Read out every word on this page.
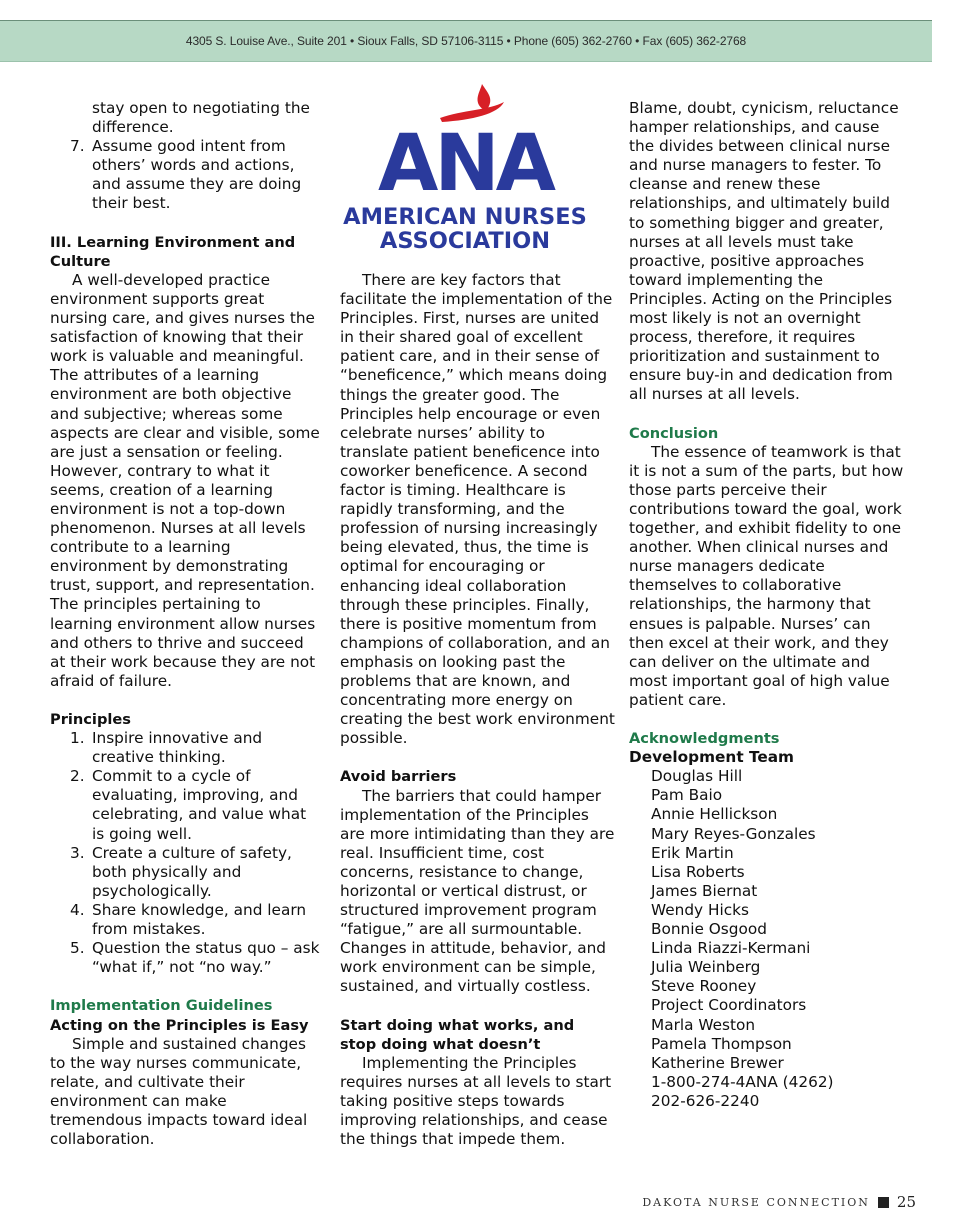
4305 S. Louise Ave., Suite 201 • Sioux Falls, SD 57106-3115 • Phone (605) 362-2760 • Fax (605) 362-2768
stay open to negotiating the difference.
7. Assume good intent from others’ words and actions, and assume they are doing their best.

III. Learning Environment and Culture

A well-developed practice environment supports great nursing care, and gives nurses the satisfaction of knowing that their work is valuable and meaningful. The attributes of a learning environment are both objective and subjective; whereas some aspects are clear and visible, some are just a sensation or feeling. However, contrary to what it seems, creation of a learning environment is not a top-down phenomenon. Nurses at all levels contribute to a learning environment by demonstrating trust, support, and representation. The principles pertaining to learning environment allow nurses and others to thrive and succeed at their work because they are not afraid of failure.

Principles

1. Inspire innovative and creative thinking.
2. Commit to a cycle of evaluating, improving, and celebrating, and value what is going well.
3. Create a culture of safety, both physically and psychologically.
4. Share knowledge, and learn from mistakes.
5. Question the status quo – ask “what if,” not “no way.”

Implementation Guidelines

Acting on the Principles is Easy

Simple and sustained changes to the way nurses communicate, relate, and cultivate their environment can make tremendous impacts toward ideal collaboration.

ANA
AMERICAN NURSES
ASSOCIATION

There are key factors that facilitate the implementation of the Principles. First, nurses are united in their shared goal of excellent patient care, and in their sense of “beneficence,” which means doing things the greater good. The Principles help encourage or even celebrate nurses’ ability to translate patient beneficence into coworker beneficence. A second factor is timing. Healthcare is rapidly transforming, and the profession of nursing increasingly being elevated, thus, the time is optimal for encouraging or enhancing ideal collaboration through these principles. Finally, there is positive momentum from champions of collaboration, and an emphasis on looking past the problems that are known, and concentrating more energy on creating the best work environment possible.

Avoid barriers

The barriers that could hamper implementation of the Principles are more intimidating than they are real. Insufficient time, cost concerns, resistance to change, horizontal or vertical distrust, or structured improvement program “fatigue,” are all surmountable. Changes in attitude, behavior, and work environment can be simple, sustained, and virtually costless.

Start doing what works, and stop doing what doesn’t

Implementing the Principles requires nurses at all levels to start taking positive steps towards improving relationships, and cease the things that impede them.

Blame, doubt, cynicism, reluctance hamper relationships, and cause the divides between clinical nurse and nurse managers to fester. To cleanse and renew these relationships, and ultimately build to something bigger and greater, nurses at all levels must take proactive, positive approaches toward implementing the Principles. Acting on the Principles most likely is not an overnight process, therefore, it requires prioritization and sustainment to ensure buy-in and dedication from all nurses at all levels.

Conclusion

The essence of teamwork is that it is not a sum of the parts, but how those parts perceive their contributions toward the goal, work together, and exhibit fidelity to one another. When clinical nurses and nurse managers dedicate themselves to collaborative relationships, the harmony that ensues is palpable. Nurses’ can then excel at their work, and they can deliver on the ultimate and most important goal of high value patient care.

Acknowledgments

Development Team

Douglas Hill
Pam Baio
Annie Hellickson
Mary Reyes-Gonzales
Erik Martin
Lisa Roberts
James Biernat
Wendy Hicks
Bonnie Osgood
Linda Riazzi-Kermani
Julia Weinberg
Steve Rooney
Project Coordinators
Marla Weston
Pamela Thompson
Katherine Brewer
1-800-274-4ANA (4262)
202-626-2240
DAKOTA NURSE CONNECTION 25
